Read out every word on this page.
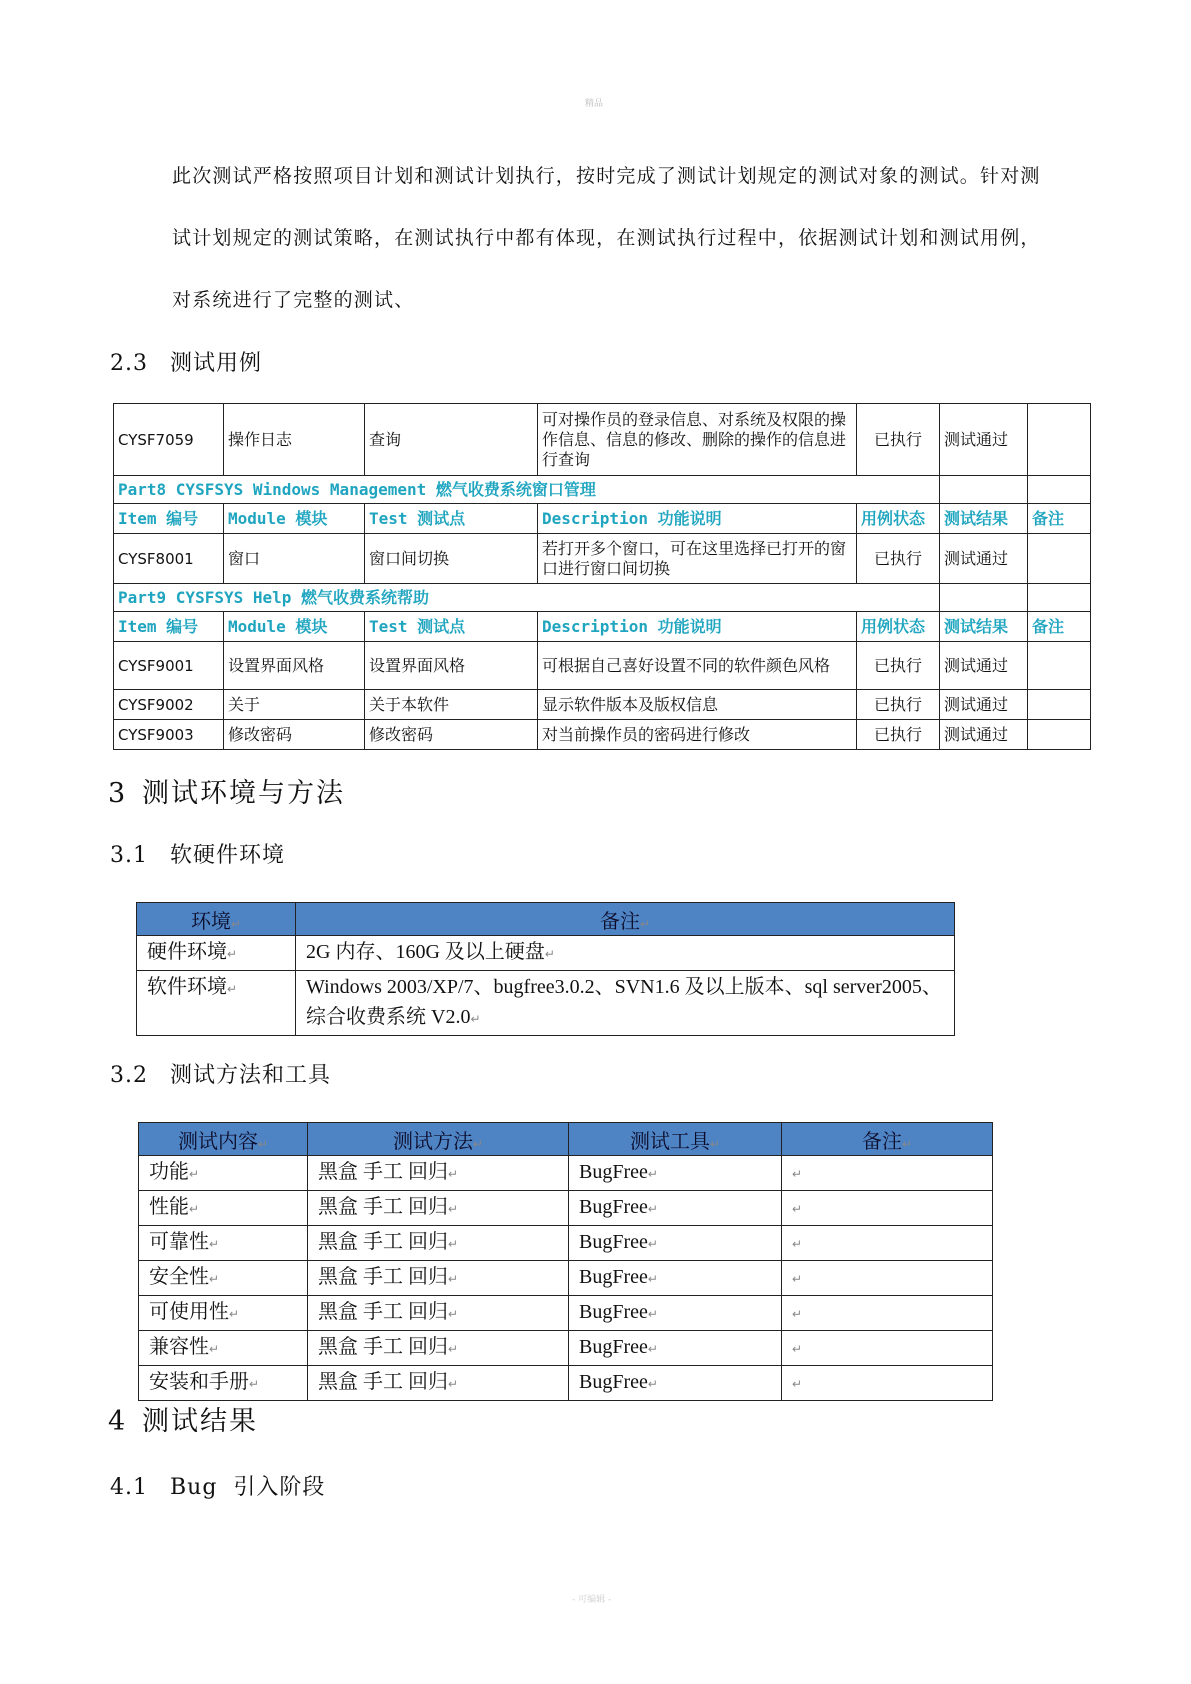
精品
此次测试严格按照项目计划和测试计划执行，按时完成了测试计划规定的测试对象的测试。针对测
试计划规定的测试策略，在测试执行中都有体现，在测试执行过程中，依据测试计划和测试用例，
对系统进行了完整的测试、
2.3 测试用例
CYSF7059	操作日志	查询	可对操作员的登录信息、对系统及权限的操作信息、信息的修改、删除的操作的信息进行查询	已执行	测试通过	
Part8 CYSFSYS Windows Management 燃气收费系统窗口管理						
Item 编号	Module 模块	Test 测试点	Description 功能说明	用例状态	测试结果	备注
CYSF8001	窗口	窗口间切换	若打开多个窗口，可在这里选择已打开的窗口进行窗口间切换	已执行	测试通过	
Part9 CYSFSYS Help 燃气收费系统帮助						
Item 编号	Module 模块	Test 测试点	Description 功能说明	用例状态	测试结果	备注
CYSF9001	设置界面风格	设置界面风格	可根据自己喜好设置不同的软件颜色风格	已执行	测试通过	
CYSF9002	关于	关于本软件	显示软件版本及版权信息	已执行	测试通过	
CYSF9003	修改密码	修改密码	对当前操作员的密码进行修改	已执行	测试通过	
3 测试环境与方法
3.1 软硬件环境
环境↵	备注↵
硬件环境↵	2G 内存、160G 及以上硬盘↵
软件环境↵	Windows 2003/XP/7、bugfree3.0.2、SVN1.6 及以上版本、sql server2005、综合收费系统 V2.0↵
3.2 测试方法和工具
测试内容↵	测试方法↵	测试工具↵	备注↵
功能↵	黑盒 手工 回归↵	BugFree↵	↵
性能↵	黑盒 手工 回归↵	BugFree↵	↵
可靠性↵	黑盒 手工 回归↵	BugFree↵	↵
安全性↵	黑盒 手工 回归↵	BugFree↵	↵
可使用性↵	黑盒 手工 回归↵	BugFree↵	↵
兼容性↵	黑盒 手工 回归↵	BugFree↵	↵
安装和手册↵	黑盒 手工 回归↵	BugFree↵	↵
4 测试结果
4.1 Bug  引入阶段
- 可编辑 -
